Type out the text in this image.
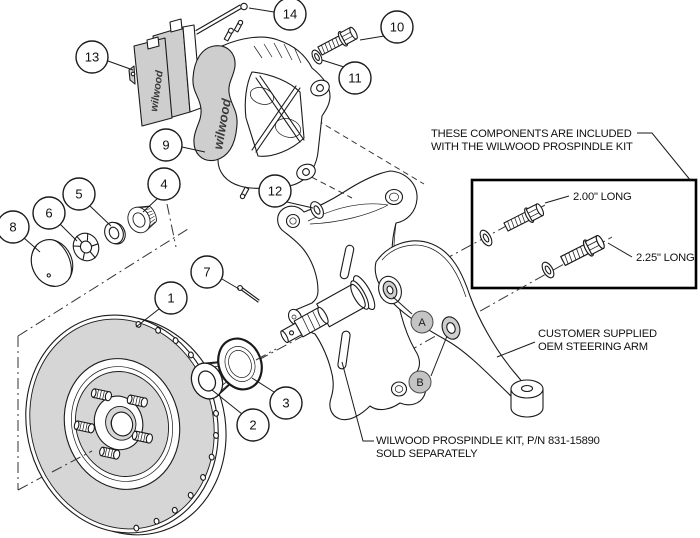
wilwood
wilwood
2.00" LONG
2.25" LONG
THESE COMPONENTS ARE INCLUDED
WITH THE WILWOOD PROSPINDLE KIT
CUSTOMER SUPPLIED
OEM STEERING ARM
WILWOOD PROSPINDLE KIT, P/N 831-15890
SOLD SEPARATELY
1
2
3
4
5
6
7
8
9
10
11
12
13
14
A
B
